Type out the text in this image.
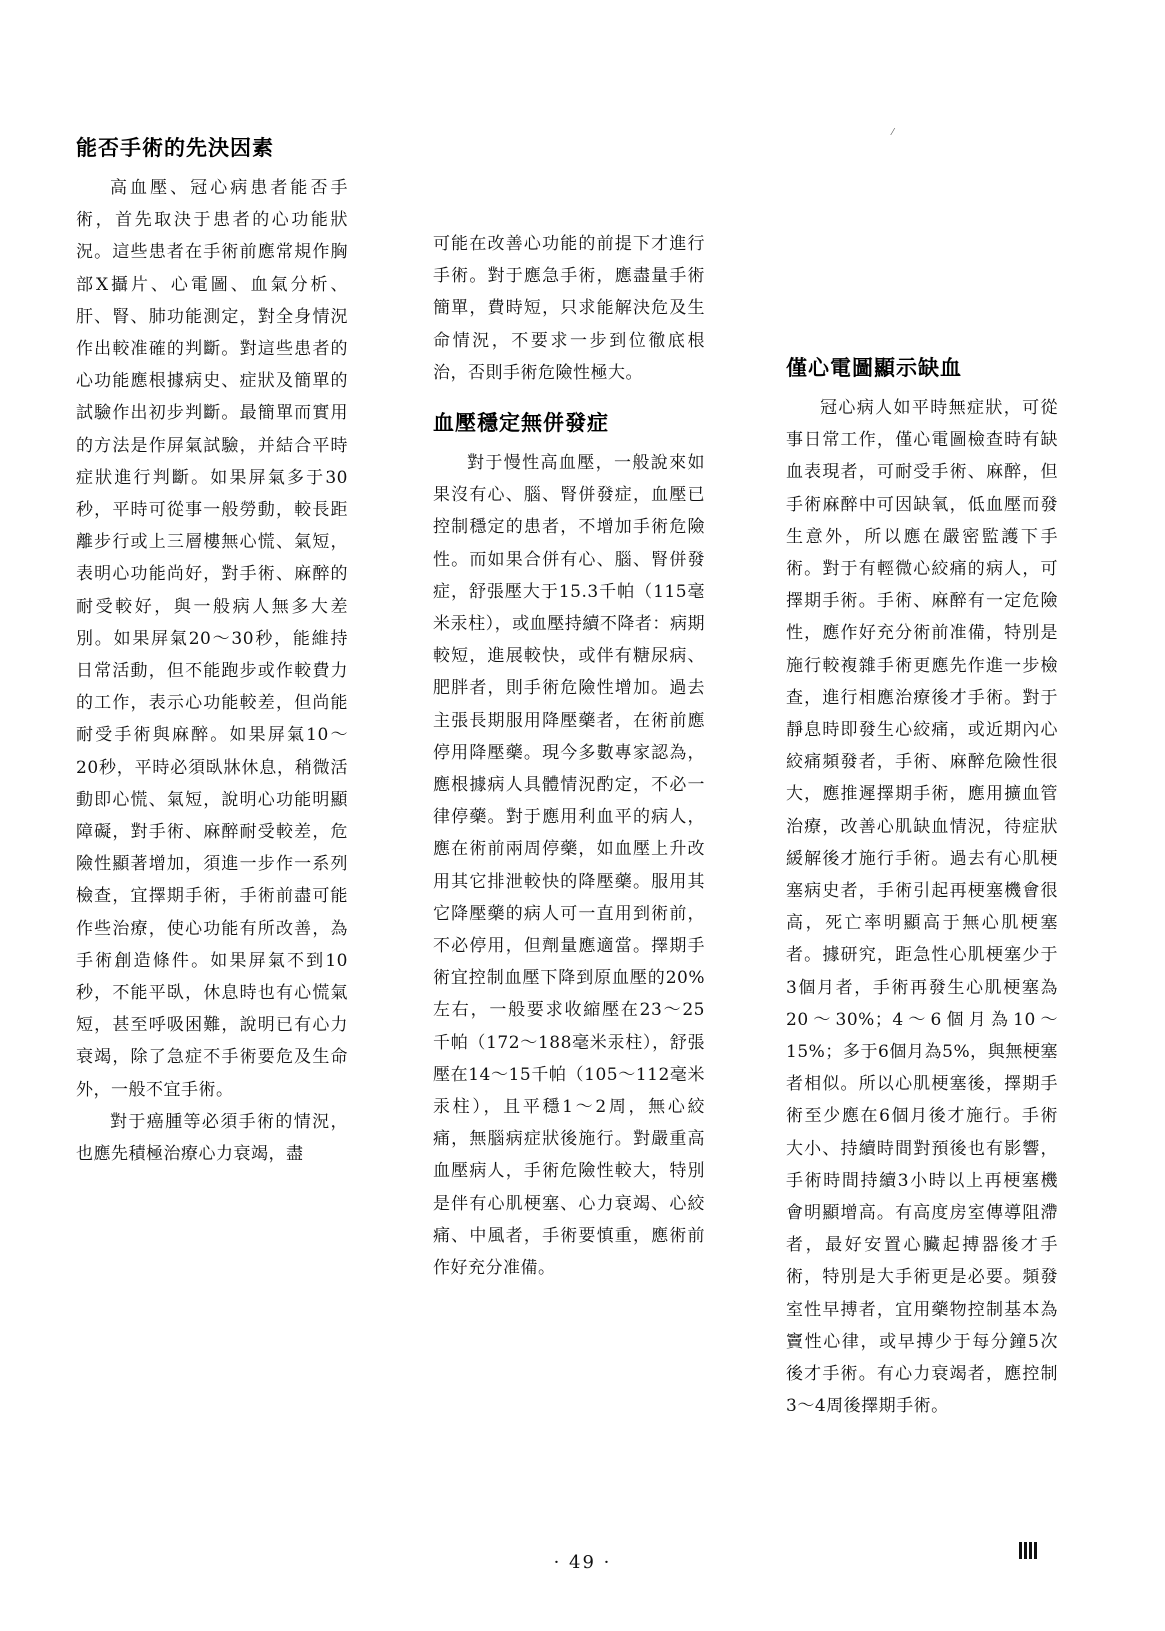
能否手術的先決因素

高血壓、冠心病患者能否手術，首先取決于患者的心功能狀況。這些患者在手術前應常規作胸部X攝片、心電圖、血氣分析、肝、腎、肺功能測定，對全身情況作出較准確的判斷。對這些患者的心功能應根據病史、症狀及簡單的試驗作出初步判斷。最簡單而實用的方法是作屏氣試驗，并結合平時症狀進行判斷。如果屏氣多于30秒，平時可從事一般勞動，較長距離步行或上三層樓無心慌、氣短，表明心功能尚好，對手術、麻醉的耐受較好，與一般病人無多大差別。如果屏氣20～30秒，能維持日常活動，但不能跑步或作較費力的工作，表示心功能較差，但尚能耐受手術與麻醉。如果屏氣10～20秒，平時必須臥牀休息，稍微活動即心慌、氣短，說明心功能明顯障礙，對手術、麻醉耐受較差，危險性顯著增加，須進一步作一系列檢查，宜擇期手術，手術前盡可能作些治療，使心功能有所改善，為手術創造條件。如果屏氣不到10秒，不能平臥，休息時也有心慌氣短，甚至呼吸困難，說明已有心力衰竭，除了急症不手術要危及生命外，一般不宜手術。

對于癌腫等必須手術的情況，也應先積極治療心力衰竭，盡

可能在改善心功能的前提下才進行手術。對于應急手術，應盡量手術簡單，費時短，只求能解決危及生命情況，不要求一步到位徹底根治，否則手術危險性極大。

血壓穩定無併發症

對于慢性高血壓，一般說來如果沒有心、腦、腎併發症，血壓已控制穩定的患者，不增加手術危險性。而如果合併有心、腦、腎併發症，舒張壓大于15.3千帕（115毫米汞柱），或血壓持續不降者：病期較短，進展較快，或伴有糖尿病、肥胖者，則手術危險性增加。過去主張長期服用降壓藥者，在術前應停用降壓藥。現今多數專家認為，應根據病人具體情況酌定，不必一律停藥。對于應用利血平的病人，應在術前兩周停藥，如血壓上升改用其它排泄較快的降壓藥。服用其它降壓藥的病人可一直用到術前，不必停用，但劑量應適當。擇期手術宜控制血壓下降到原血壓的20%左右，一般要求收縮壓在23～25千帕（172～188毫米汞柱），舒張壓在14～15千帕（105～112毫米汞柱），且平穩1～2周，無心絞痛，無腦病症狀後施行。對嚴重高血壓病人，手術危險性較大，特別是伴有心肌梗塞、心力衰竭、心絞痛、中風者，手術要慎重，應術前作好充分准備。

僅心電圖顯示缺血

冠心病人如平時無症狀，可從事日常工作，僅心電圖檢查時有缺血表現者，可耐受手術、麻醉，但手術麻醉中可因缺氧，低血壓而發生意外，所以應在嚴密監護下手術。對于有輕微心絞痛的病人，可擇期手術。手術、麻醉有一定危險性，應作好充分術前准備，特別是施行較複雜手術更應先作進一步檢查，進行相應治療後才手術。對于靜息時即發生心絞痛，或近期內心絞痛頻發者，手術、麻醉危險性很大，應推遲擇期手術，應用擴血管治療，改善心肌缺血情況，待症狀緩解後才施行手術。過去有心肌梗塞病史者，手術引起再梗塞機會很高，死亡率明顯高于無心肌梗塞者。據研究，距急性心肌梗塞少于3個月者，手術再發生心肌梗塞為20～30%；4～6個月為10～15%；多于6個月為5%，與無梗塞者相似。所以心肌梗塞後，擇期手術至少應在6個月後才施行。手術大小、持續時間對預後也有影響，手術時間持續3小時以上再梗塞機會明顯增高。有高度房室傳導阻滯者，最好安置心臟起搏器後才手術，特別是大手術更是必要。頻發室性早搏者，宜用藥物控制基本為竇性心律，或早搏少于每分鐘5次後才手術。有心力衰竭者，應控制3～4周後擇期手術。

⁄
· 49 ·
